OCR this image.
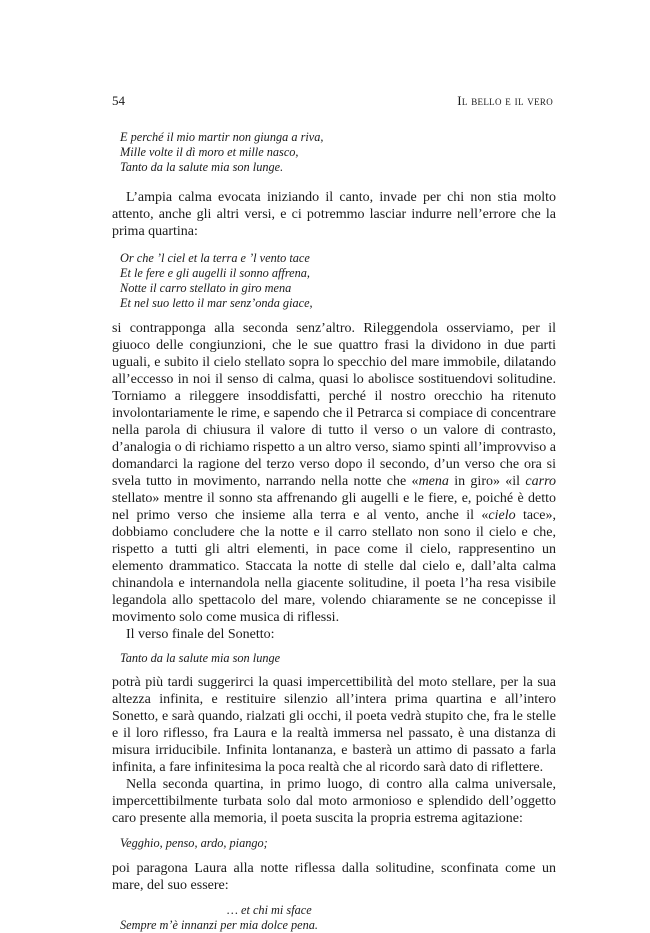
54	Il bello e il vero
E perché il mio martir non giunga a riva,
Mille volte il dì moro et mille nasco,
Tanto da la salute mia son lunge.

L’ampia calma evocata iniziando il canto, invade per chi non stia molto attento, anche gli altri versi, e ci potremmo lasciar indurre nell’errore che la prima quartina:

Or che ’l ciel et la terra e ’l vento tace
Et le fere e gli augelli il sonno affrena,
Notte il carro stellato in giro mena
Et nel suo letto il mar senz’onda giace,

si contrapponga alla seconda senz’altro. Rileggendola osserviamo, per il giuoco delle congiunzioni, che le sue quattro frasi la dividono in due parti uguali, e subito il cielo stellato sopra lo specchio del mare immobile, dilatando all’eccesso in noi il senso di calma, quasi lo abolisce sostituendovi solitudine. Torniamo a rileggere insoddisfatti, perché il nostro orecchio ha ritenuto involontariamente le rime, e sapendo che il Petrarca si compiace di concentrare nella parola di chiusura il valore di tutto il verso o un valore di contrasto, d’analogia o di richiamo rispetto a un altro verso, siamo spinti all’improvviso a domandarci la ragione del terzo verso dopo il secondo, d’un verso che ora si svela tutto in movimento, narrando nella notte che «mena in giro» «il carro stellato» mentre il sonno sta affrenando gli augelli e le fiere, e, poiché è detto nel primo verso che insieme alla terra e al vento, anche il «cielo tace», dobbiamo concludere che la notte e il carro stellato non sono il cielo e che, rispetto a tutti gli altri elementi, in pace come il cielo, rappresentino un elemento drammatico. Staccata la notte di stelle dal cielo e, dall’alta calma chinandola e internandola nella giacente solitudine, il poeta l’ha resa visibile legandola allo spettacolo del mare, volendo chiaramente se ne concepisse il movimento solo come musica di riflessi.

Il verso finale del Sonetto:

Tanto da la salute mia son lunge

potrà più tardi suggerirci la quasi impercettibilità del moto stellare, per la sua altezza infinita, e restituire silenzio all’intera prima quartina e all’intero Sonetto, e sarà quando, rialzati gli occhi, il poeta vedrà stupito che, fra le stelle e il loro riflesso, fra Laura e la realtà immersa nel passato, è una distanza di misura irriducibile. Infinita lontananza, e basterà un attimo di passato a farla infinita, a fare infinitesima la poca realtà che al ricordo sarà dato di riflettere.

Nella seconda quartina, in primo luogo, di contro alla calma universale, impercettibilmente turbata solo dal moto armonioso e splendido dell’oggetto caro presente alla memoria, il poeta suscita la propria estrema agitazione:

Vegghio, penso, ardo, piango;

poi paragona Laura alla notte riflessa dalla solitudine, sconfinata come un mare, del suo essere:

… et chi mi sface
Sempre m’è innanzi per mia dolce pena.
